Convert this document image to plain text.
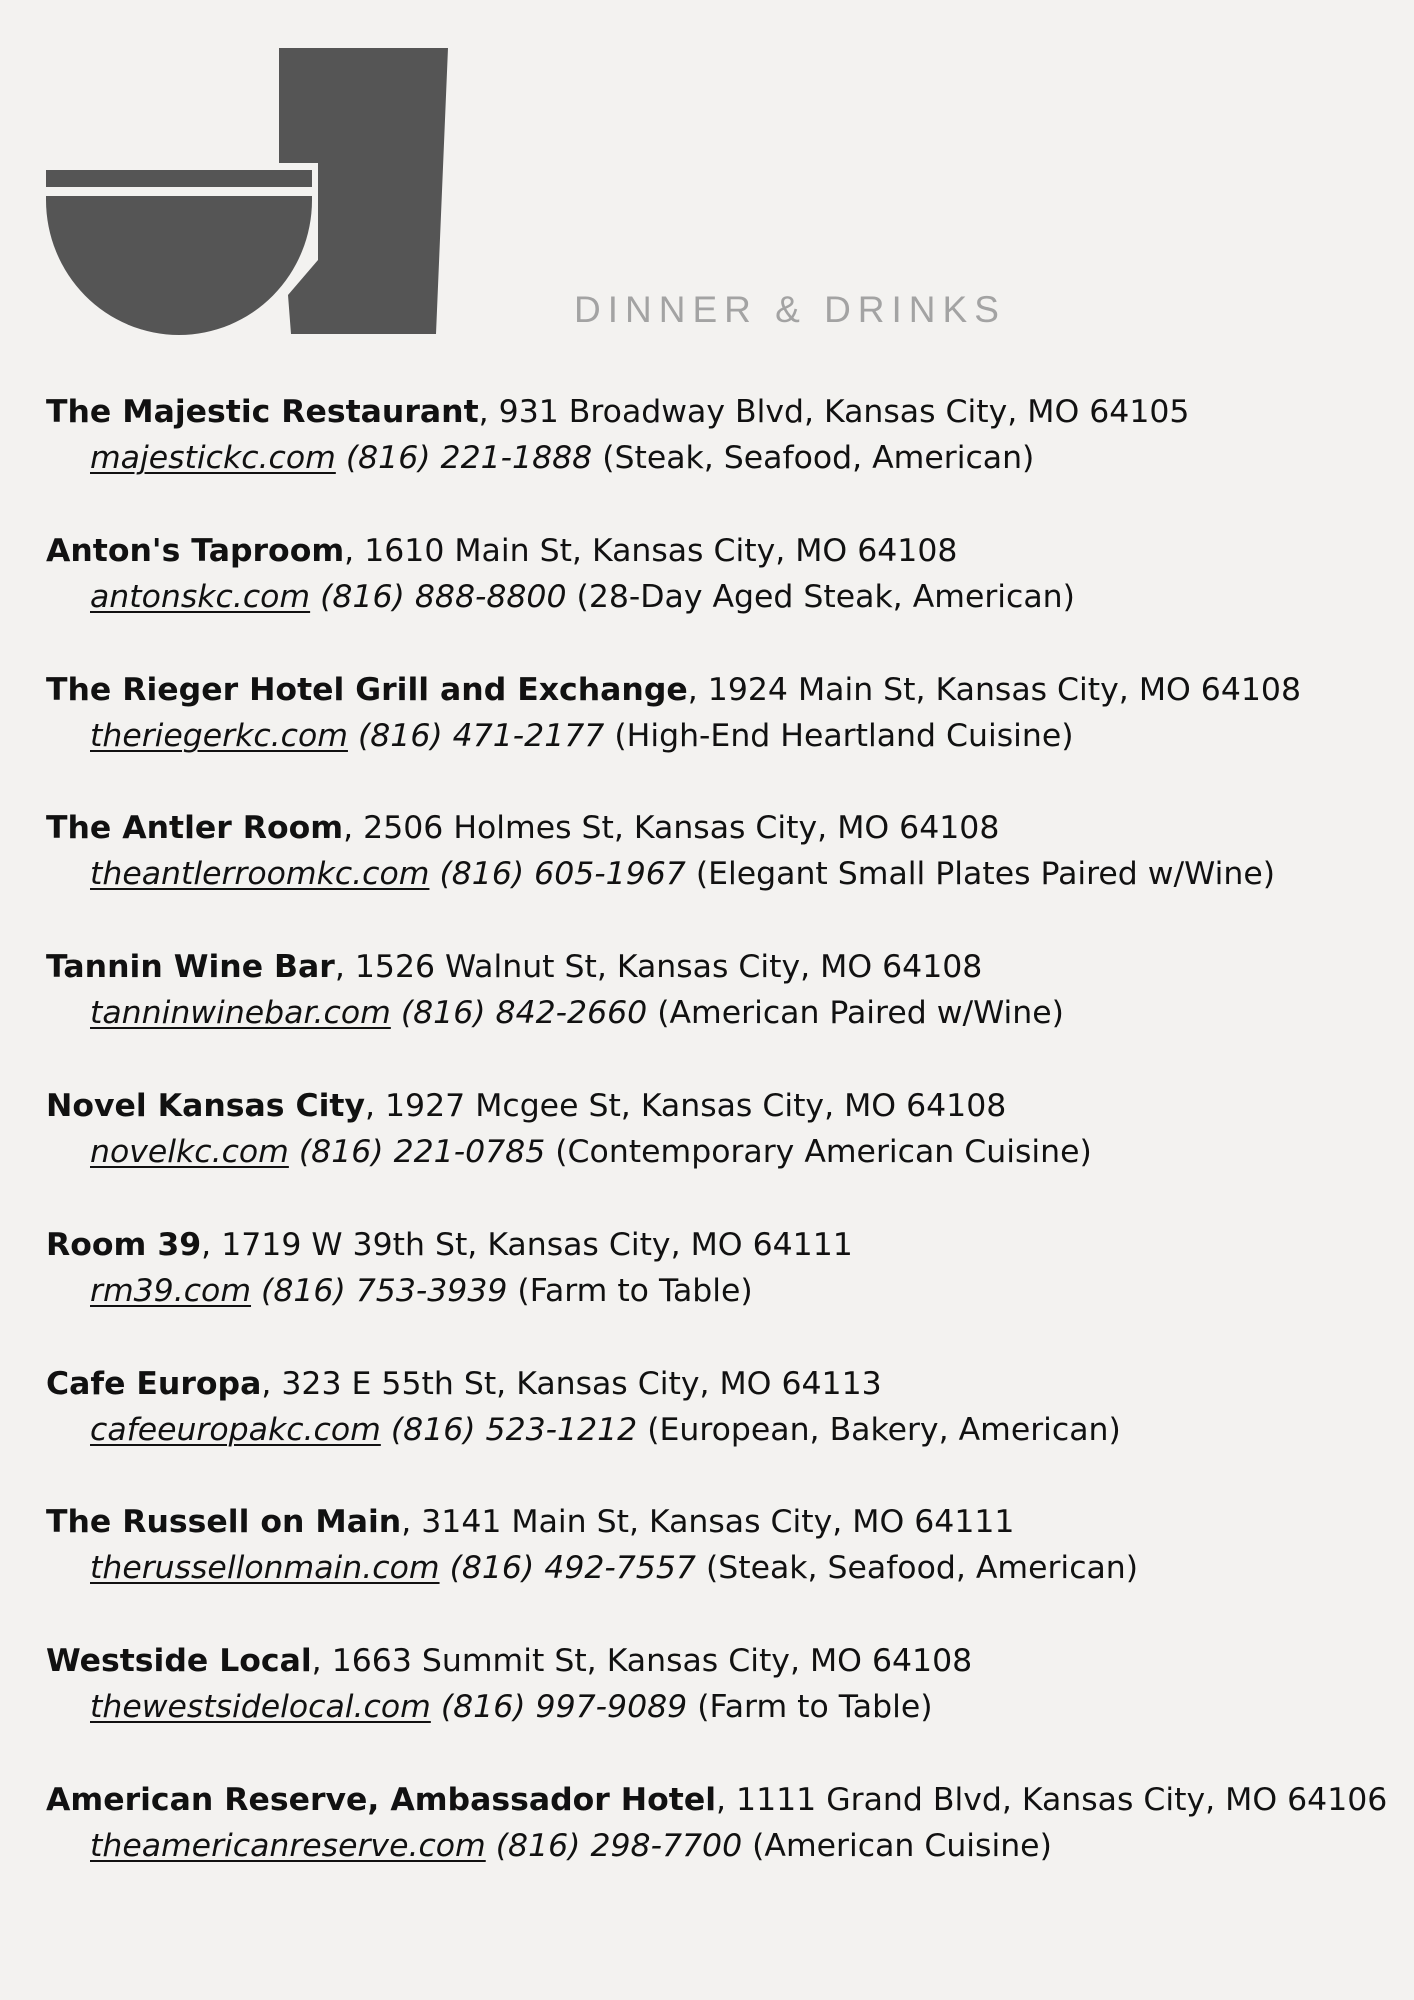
DINNER & DRINKS
The Majestic Restaurant, 931 Broadway Blvd, Kansas City, MO 64105
majestickc.com (816) 221-1888 (Steak, Seafood, American)
Anton's Taproom, 1610 Main St, Kansas City, MO 64108
antonskc.com (816) 888-8800 (28-Day Aged Steak, American)
The Rieger Hotel Grill and Exchange, 1924 Main St, Kansas City, MO 64108
theriegerkc.com (816) 471-2177 (High-End Heartland Cuisine)
The Antler Room, 2506 Holmes St, Kansas City, MO 64108
theantlerroomkc.com (816) 605-1967 (Elegant Small Plates Paired w/Wine)
Tannin Wine Bar, 1526 Walnut St, Kansas City, MO 64108
tanninwinebar.com (816) 842-2660 (American Paired w/Wine)
Novel Kansas City, 1927 Mcgee St, Kansas City, MO 64108
novelkc.com (816) 221-0785 (Contemporary American Cuisine)
Room 39, 1719 W 39th St, Kansas City, MO 64111
rm39.com (816) 753-3939 (Farm to Table)
Cafe Europa, 323 E 55th St, Kansas City, MO 64113
cafeeuropakc.com (816) 523-1212 (European, Bakery, American)
The Russell on Main, 3141 Main St, Kansas City, MO 64111
therussellonmain.com (816) 492-7557 (Steak, Seafood, American)
Westside Local, 1663 Summit St, Kansas City, MO 64108
thewestsidelocal.com (816) 997-9089 (Farm to Table)
American Reserve, Ambassador Hotel, 1111 Grand Blvd, Kansas City, MO 64106
theamericanreserve.com (816) 298-7700 (American Cuisine)
